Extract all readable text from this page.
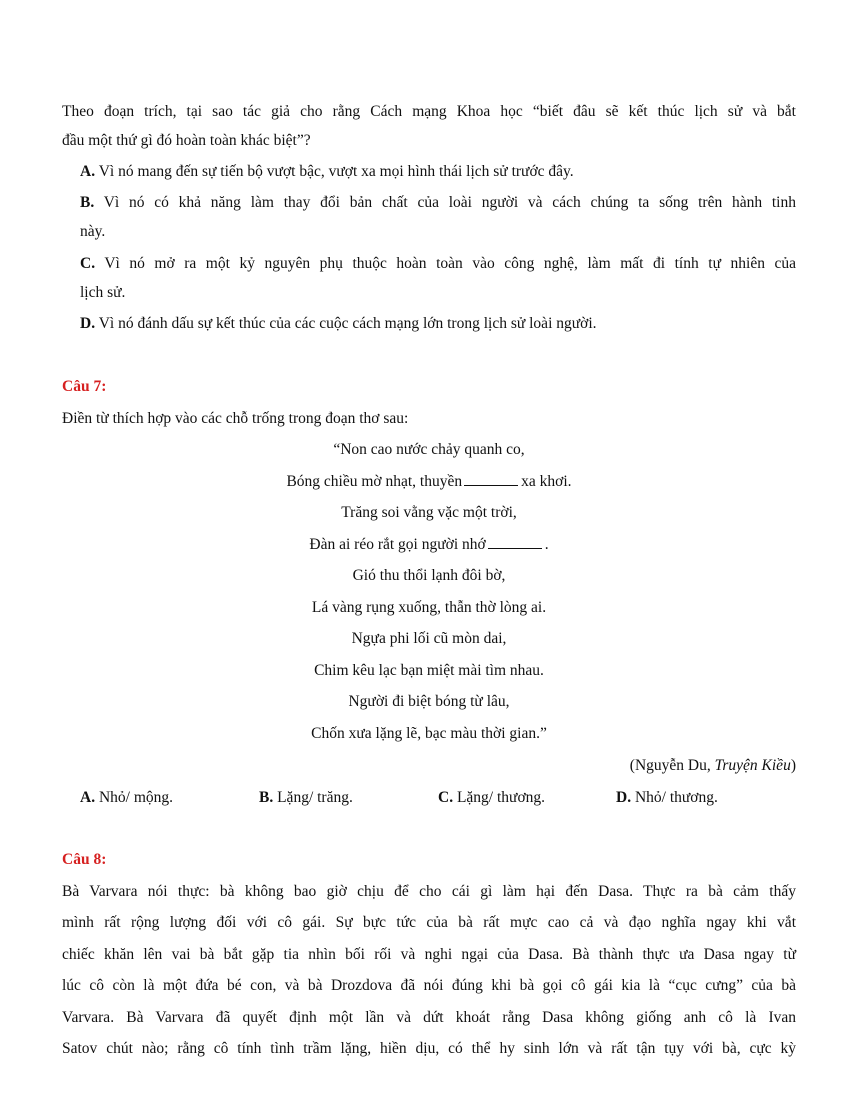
Theo đoạn trích, tại sao tác giả cho rằng Cách mạng Khoa học “biết đâu sẽ kết thúc lịch sử và bắt
đầu một thứ gì đó hoàn toàn khác biệt”?
A. Vì nó mang đến sự tiến bộ vượt bậc, vượt xa mọi hình thái lịch sử trước đây.
B. Vì nó có khả năng làm thay đổi bản chất của loài người và cách chúng ta sống trên hành tinh
này.
C. Vì nó mở ra một kỷ nguyên phụ thuộc hoàn toàn vào công nghệ, làm mất đi tính tự nhiên của
lịch sử.
D. Vì nó đánh dấu sự kết thúc của các cuộc cách mạng lớn trong lịch sử loài người.
Câu 7:
Điền từ thích hợp vào các chỗ trống trong đoạn thơ sau:
“Non cao nước chảy quanh co,
Bóng chiều mờ nhạt, thuyền	xa khơi.
Trăng soi vằng vặc một trời,
Đàn ai réo rắt gọi người nhớ	.
Gió thu thổi lạnh đôi bờ,
Lá vàng rụng xuống, thẫn thờ lòng ai.
Ngựa phi lối cũ mòn dai,
Chim kêu lạc bạn miệt mài tìm nhau.
Người đi biệt bóng từ lâu,
Chốn xưa lặng lẽ, bạc màu thời gian.”
(Nguyễn Du, Truyện Kiều)
A. Nhỏ/ mộng.	B. Lặng/ trăng.	C. Lặng/ thương.	D. Nhỏ/ thương.
Câu 8:
Bà Varvara nói thực: bà không bao giờ chịu để cho cái gì làm hại đến Dasa. Thực ra bà cảm thấy
mình rất rộng lượng đối với cô gái. Sự bực tức của bà rất mực cao cả và đạo nghĩa ngay khi vắt
chiếc khăn lên vai bà bắt gặp tia nhìn bối rối và nghi ngại của Dasa. Bà thành thực ưa Dasa ngay từ
lúc cô còn là một đứa bé con, và bà Drozdova đã nói đúng khi bà gọi cô gái kia là “cục cưng” của bà
Varvara. Bà Varvara đã quyết định một lần và dứt khoát rằng Dasa không giống anh cô là Ivan
Satov chút nào; rằng cô tính tình trầm lặng, hiền dịu, có thể hy sinh lớn và rất tận tụy với bà, cực kỳ
